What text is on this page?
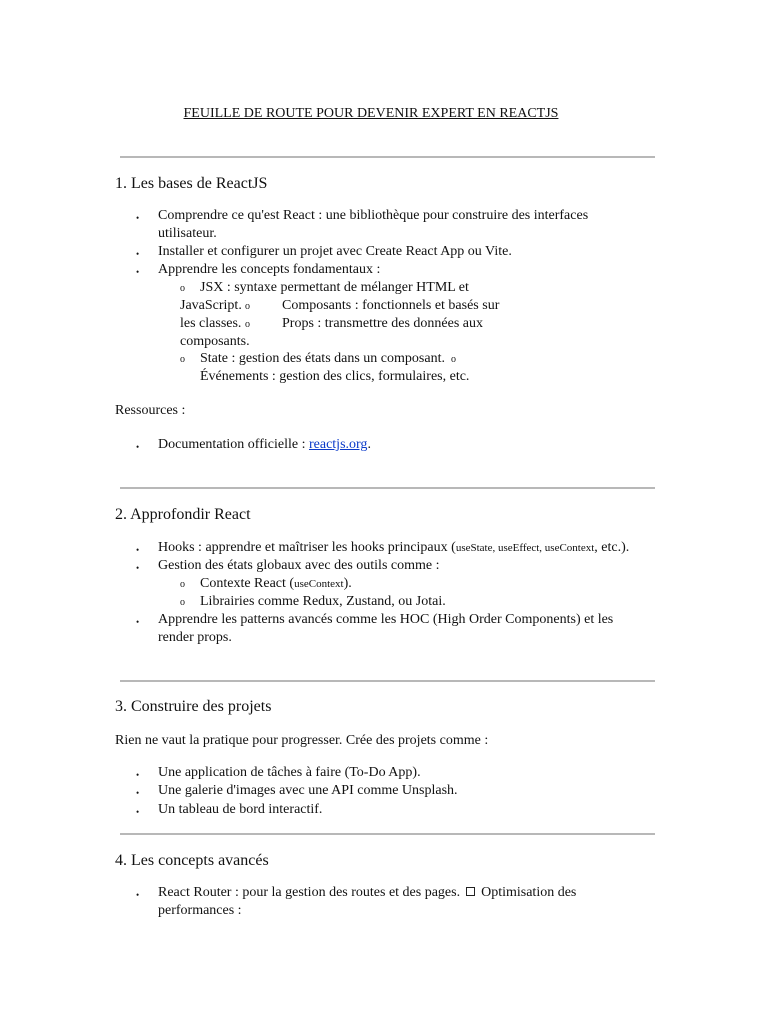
FEUILLE DE ROUTE POUR DEVENIR EXPERT EN REACTJS
1. Les bases de ReactJS
• Comprendre ce qu'est React : une bibliothèque pour construire des interfaces
utilisateur.
• Installer et configurer un projet avec Create React App ou Vite.
• Apprendre les concepts fondamentaux :
o JSX : syntaxe permettant de mélanger HTML et
JavaScript. o Composants : fonctionnels et basés sur
les classes. o Props : transmettre des données aux
composants.
o State : gestion des états dans un composant. o
Événements : gestion des clics, formulaires, etc.
Ressources :
• Documentation officielle : reactjs.org.
2. Approfondir React
• Hooks : apprendre et maîtriser les hooks principaux (useState, useEffect, useContext, etc.).
• Gestion des états globaux avec des outils comme :
o Contexte React (useContext).
o Librairies comme Redux, Zustand, ou Jotai.
• Apprendre les patterns avancés comme les HOC (High Order Components) et les
render props.
3. Construire des projets
Rien ne vaut la pratique pour progresser. Crée des projets comme :
• Une application de tâches à faire (To-Do App).
• Une galerie d'images avec une API comme Unsplash.
• Un tableau de bord interactif.
4. Les concepts avancés
• React Router : pour la gestion des routes et des pages. Optimisation des
performances :
